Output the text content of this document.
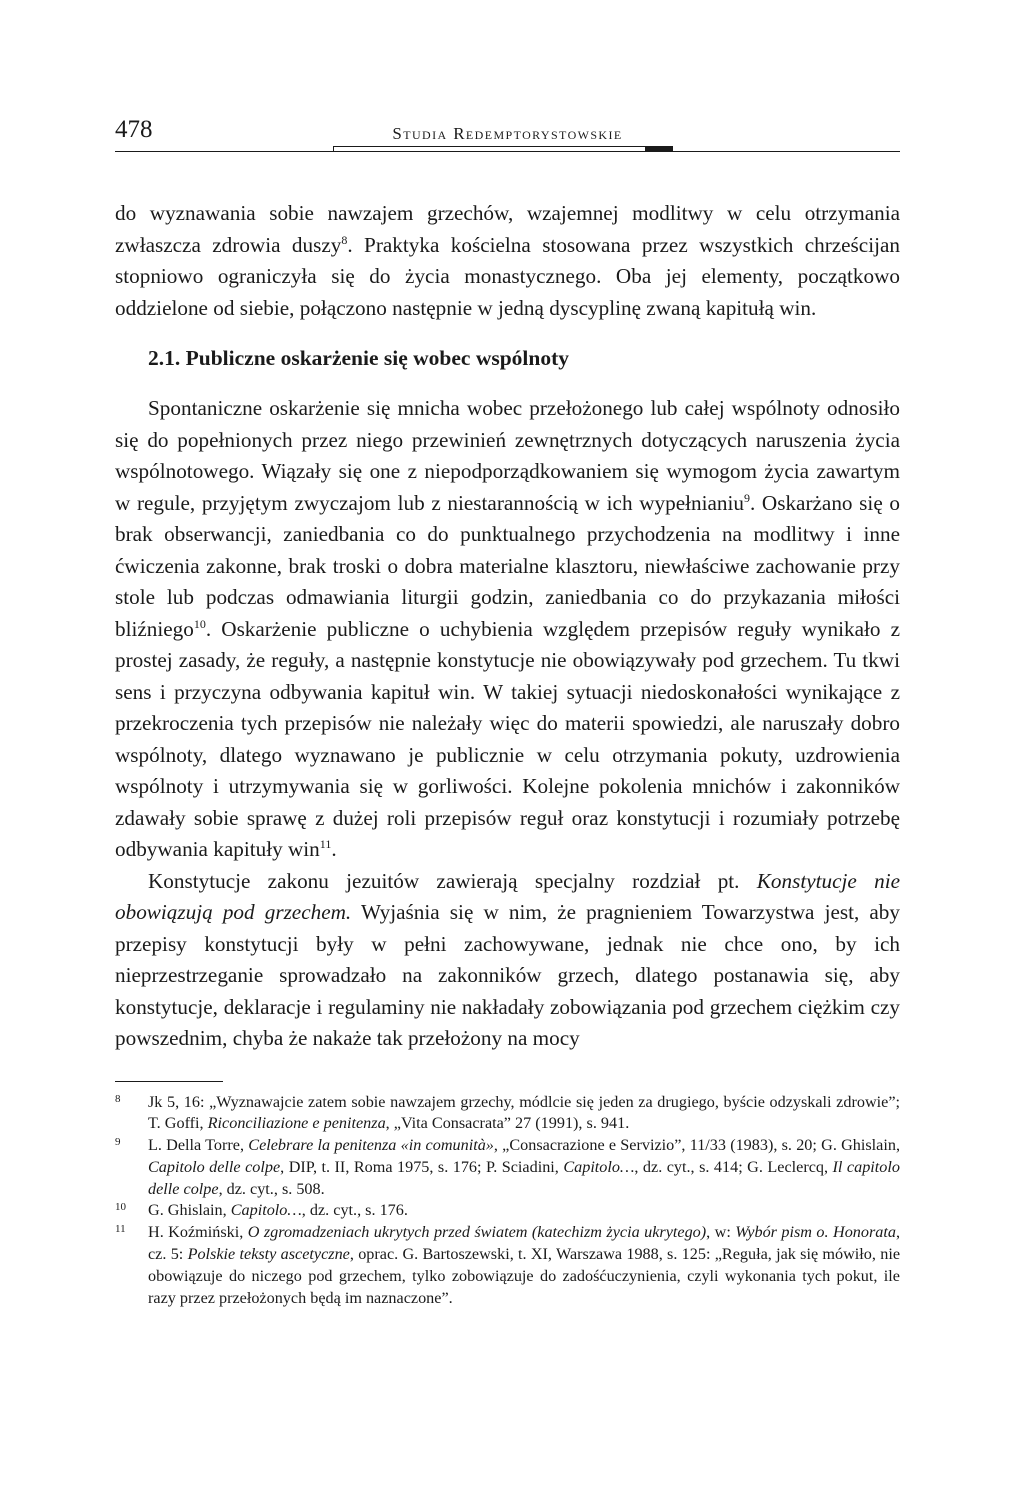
478	Studia Redemptorystowskie

do wyznawania sobie nawzajem grzechów, wzajemnej modlitwy w celu otrzymania zwłaszcza zdrowia duszy$^8$. Praktyka kościelna stosowana przez wszystkich chrześcijan stopniowo ograniczyła się do życia monastycznego. Oba jej elementy, początkowo oddzielone od siebie, połączono następnie w jedną dyscyplinę zwaną kapitułą win.

2.1. Publiczne oskarżenie się wobec wspólnoty

Spontaniczne oskarżenie się mnicha wobec przełożonego lub całej wspólnoty odnosiło się do popełnionych przez niego przewinień zewnętrznych dotyczących naruszenia życia wspólnotowego. Wiązały się one z niepodporządkowaniem się wymogom życia zawartym w regule, przyjętym zwyczajom lub z niestarannością w ich wypełnianiu$^9$. Oskarżano się o brak obserwancji, zaniedbania co do punktualnego przychodzenia na modlitwy i inne ćwiczenia zakonne, brak troski o dobra materialne klasztoru, niewłaściwe zachowanie przy stole lub podczas odmawiania liturgii godzin, zaniedbania co do przykazania miłości bliźniego$^{10}$. Oskarżenie publiczne o uchybienia względem przepisów reguły wynikało z prostej zasady, że reguły, a następnie konstytucje nie obowiązywały pod grzechem. Tu tkwi sens i przyczyna odbywania kapituł win. W takiej sytuacji niedoskonałości wynikające z przekroczenia tych przepisów nie należały więc do materii spowiedzi, ale naruszały dobro wspólnoty, dlatego wyznawano je publicznie w celu otrzymania pokuty, uzdrowienia wspólnoty i utrzymywania się w gorliwości. Kolejne pokolenia mnichów i zakonników zdawały sobie sprawę z dużej roli przepisów reguł oraz konstytucji i rozumiały potrzebę odbywania kapituły win$^{11}$.

Konstytucje zakonu jezuitów zawierają specjalny rozdział pt. Konstytucje nie obowiązują pod grzechem. Wyjaśnia się w nim, że pragnieniem Towarzystwa jest, aby przepisy konstytucji były w pełni zachowywane, jednak nie chce ono, by ich nieprzestrzeganie sprowadzało na zakonników grzech, dlatego postanawia się, aby konstytucje, deklaracje i regulaminy nie nakładały zobowiązania pod grzechem ciężkim czy powszednim, chyba że nakaże tak przełożony na mocy

8 Jk 5, 16: „Wyznawajcie zatem sobie nawzajem grzechy, módlcie się jeden za drugiego, byście odzyskali zdrowie”; T. Goffi, Riconciliazione e penitenza, „Vita Consacrata” 27 (1991), s. 941.

9 L. Della Torre, Celebrare la penitenza «in comunità», „Consacrazione e Servizio”, 11/33 (1983), s. 20; G. Ghislain, Capitolo delle colpe, DIP, t. II, Roma 1975, s. 176; P. Sciadini, Capitolo…, dz. cyt., s. 414; G. Leclercq, Il capitolo delle colpe, dz. cyt., s. 508.

10 G. Ghislain, Capitolo…, dz. cyt., s. 176.

11 H. Koźmiński, O zgromadzeniach ukrytych przed światem (katechizm życia ukrytego), w: Wybór pism o. Honorata, cz. 5: Polskie teksty ascetyczne, oprac. G. Bartoszewski, t. XI, Warszawa 1988, s. 125: „Reguła, jak się mówiło, nie obowiązuje do niczego pod grzechem, tylko zobowiązuje do zadośćuczynienia, czyli wykonania tych pokut, ile razy przez przełożonych będą im naznaczone”.
